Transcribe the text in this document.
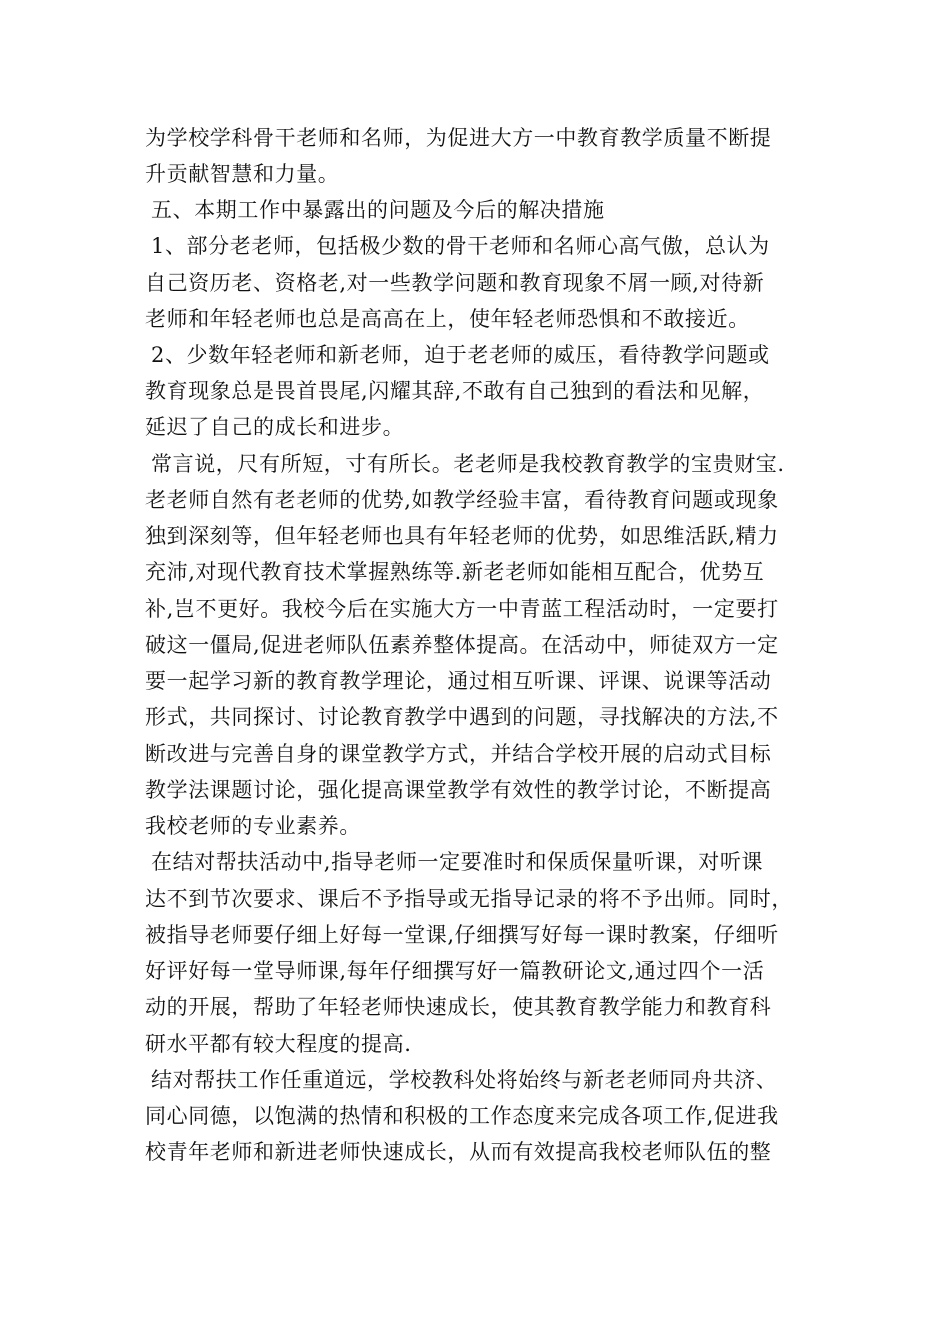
为学校学科骨干老师和名师，为促进大方一中教育教学质量不断提
升贡献智慧和力量。
五、本期工作中暴露出的问题及今后的解决措施
1、部分老老师，包括极少数的骨干老师和名师心高气傲，总认为
自己资历老、资格老,对一些教学问题和教育现象不屑一顾,对待新
老师和年轻老师也总是高高在上，使年轻老师恐惧和不敢接近。
2、少数年轻老师和新老师，迫于老老师的威压，看待教学问题或
教育现象总是畏首畏尾,闪耀其辞,不敢有自己独到的看法和见解，
延迟了自己的成长和进步。
常言说，尺有所短，寸有所长。老老师是我校教育教学的宝贵财宝.
老老师自然有老老师的优势,如教学经验丰富，看待教育问题或现象
独到深刻等，但年轻老师也具有年轻老师的优势，如思维活跃,精力
充沛,对现代教育技术掌握熟练等.新老老师如能相互配合，优势互
补,岂不更好。我校今后在实施大方一中青蓝工程活动时，一定要打
破这一僵局,促进老师队伍素养整体提高。在活动中，师徒双方一定
要一起学习新的教育教学理论，通过相互听课、评课、说课等活动
形式，共同探讨、讨论教育教学中遇到的问题，寻找解决的方法,不
断改进与完善自身的课堂教学方式，并结合学校开展的启动式目标
教学法课题讨论，强化提高课堂教学有效性的教学讨论，不断提高
我校老师的专业素养。
在结对帮扶活动中,指导老师一定要准时和保质保量听课，对听课
达不到节次要求、课后不予指导或无指导记录的将不予出师。同时，
被指导老师要仔细上好每一堂课,仔细撰写好每一课时教案，仔细听
好评好每一堂导师课,每年仔细撰写好一篇教研论文,通过四个一活
动的开展，帮助了年轻老师快速成长，使其教育教学能力和教育科
研水平都有较大程度的提高.
结对帮扶工作任重道远，学校教科处将始终与新老老师同舟共济、
同心同德，以饱满的热情和积极的工作态度来完成各项工作,促进我
校青年老师和新进老师快速成长，从而有效提高我校老师队伍的整
